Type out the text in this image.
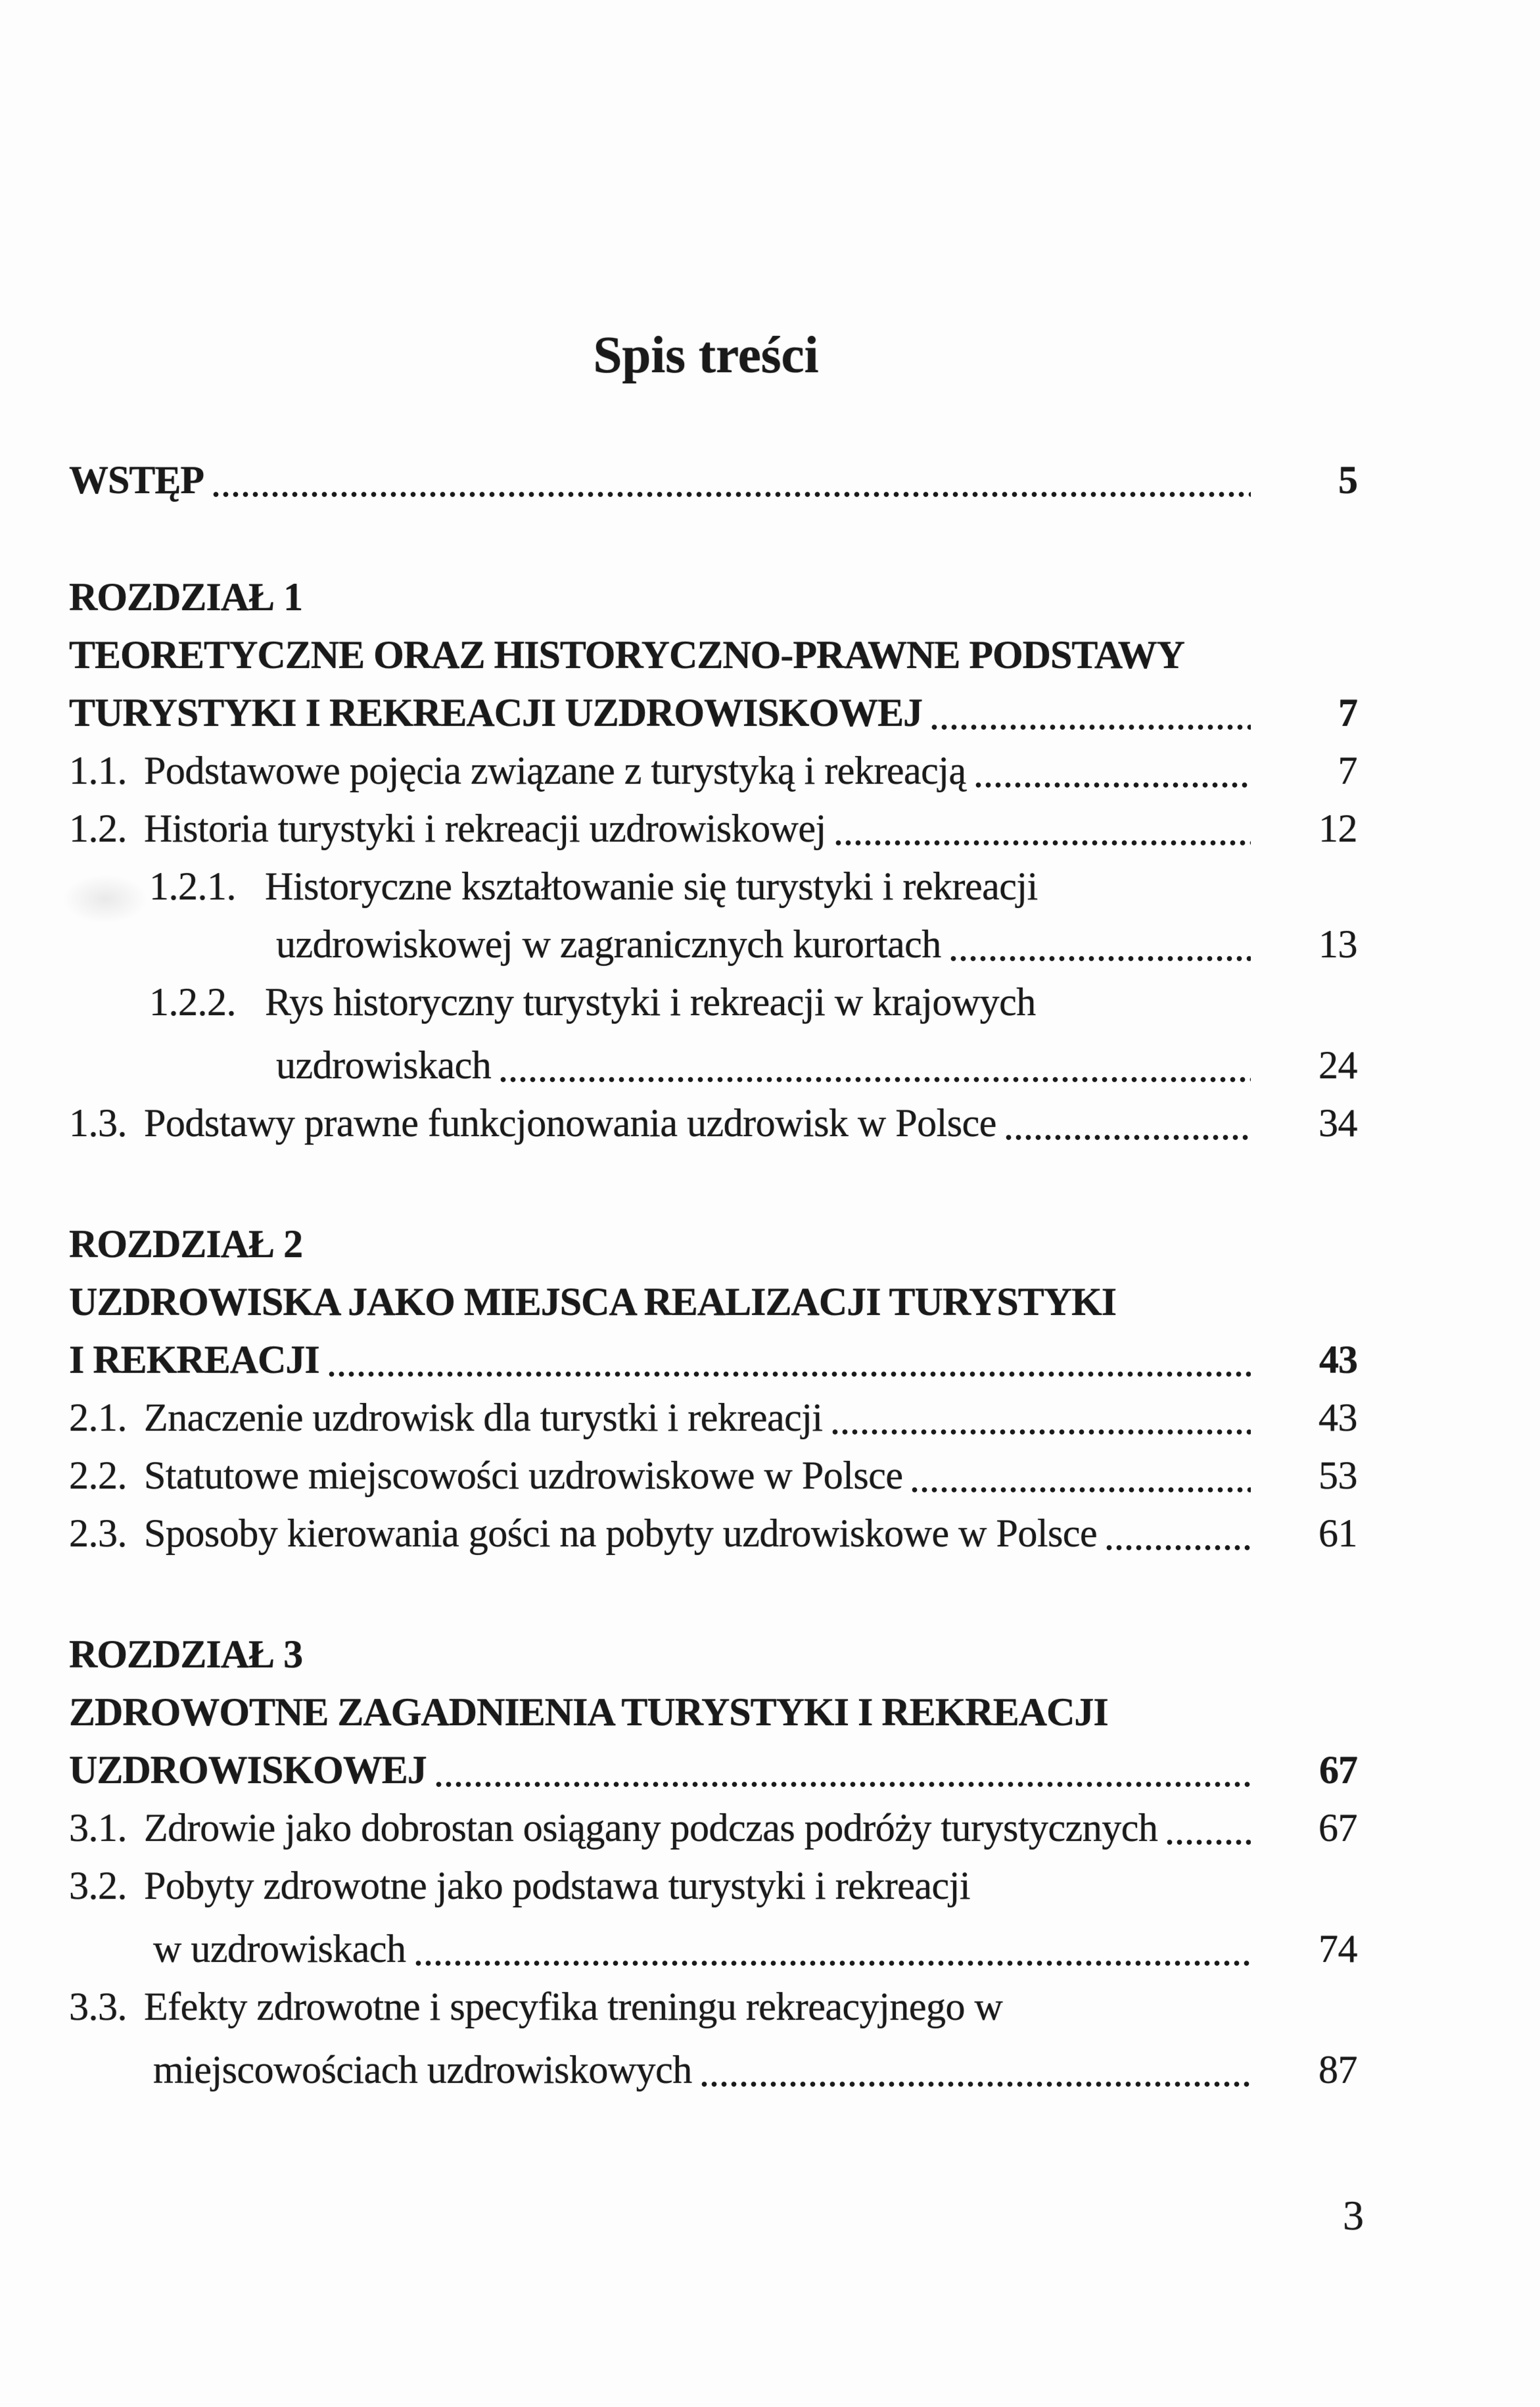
Spis treści
WSTĘP	5
ROZDZIAŁ 1
TEORETYCZNE ORAZ HISTORYCZNO-PRAWNE PODSTAWY
TURYSTYKI I REKREACJI UZDROWISKOWEJ	7
1.1. Podstawowe pojęcia związane z turystyką i rekreacją	7
1.2. Historia turystyki i rekreacji uzdrowiskowej	12
1.2.1. Historyczne kształtowanie się turystyki i rekreacji
uzdrowiskowej w zagranicznych kurortach	13
1.2.2. Rys historyczny turystyki i rekreacji w krajowych
uzdrowiskach	24
1.3. Podstawy prawne funkcjonowania uzdrowisk w Polsce	34
ROZDZIAŁ 2
UZDROWISKA JAKO MIEJSCA REALIZACJI TURYSTYKI
I REKREACJI	43
2.1. Znaczenie uzdrowisk dla turystki i rekreacji	43
2.2. Statutowe miejscowości uzdrowiskowe w Polsce	53
2.3. Sposoby kierowania gości na pobyty uzdrowiskowe w Polsce	61
ROZDZIAŁ 3
ZDROWOTNE ZAGADNIENIA TURYSTYKI I REKREACJI
UZDROWISKOWEJ	67
3.1. Zdrowie jako dobrostan osiągany podczas podróży turystycznych	67
3.2. Pobyty zdrowotne jako podstawa turystyki i rekreacji
w uzdrowiskach	74
3.3. Efekty zdrowotne i specyfika treningu rekreacyjnego w
miejscowościach uzdrowiskowych	87
3
